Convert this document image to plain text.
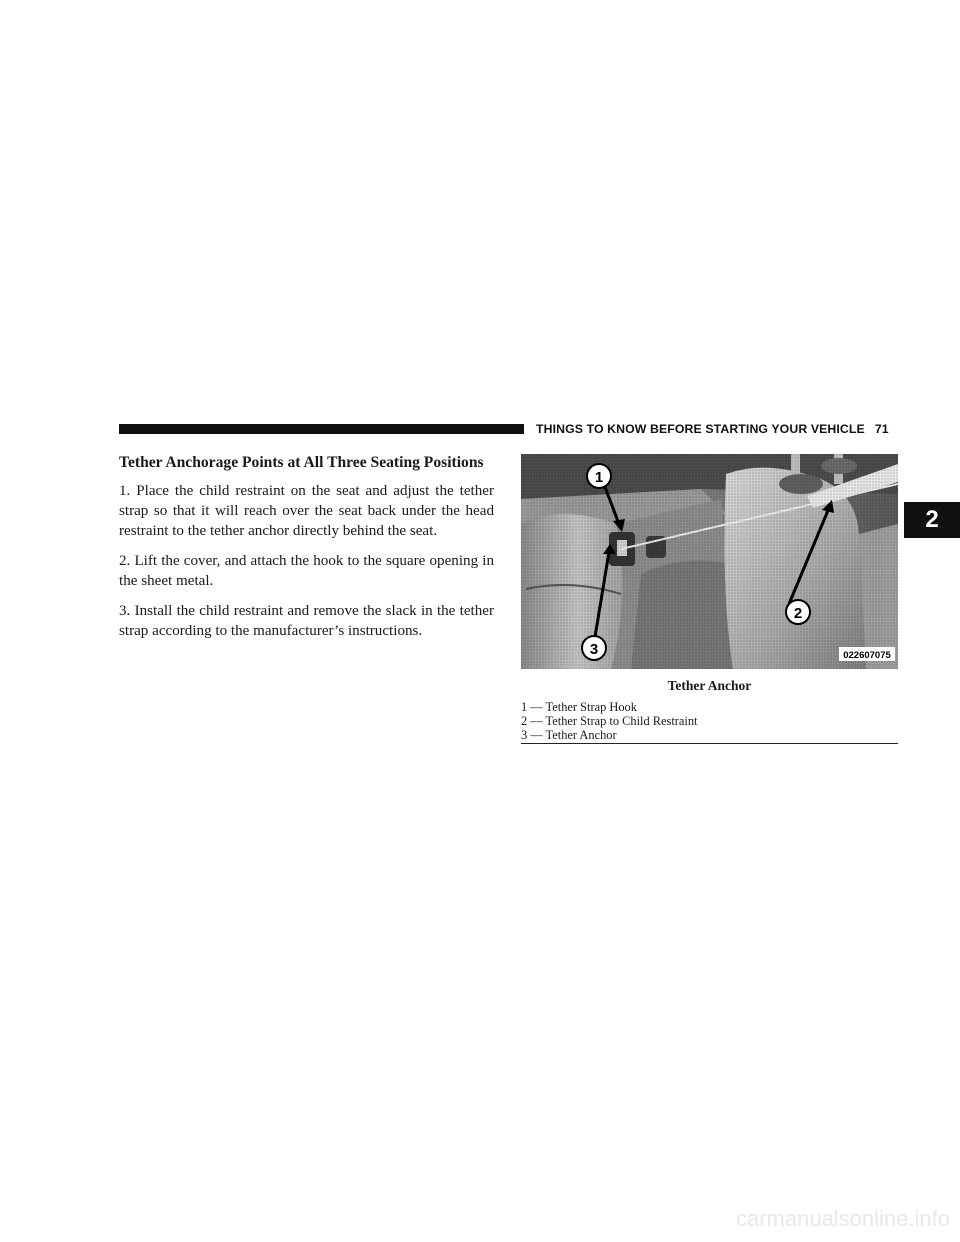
THINGS TO KNOW BEFORE STARTING YOUR VEHICLE 71
2
Tether Anchorage Points at All Three Seating Positions

1. Place the child restraint on the seat and adjust the tether strap so that it will reach over the seat back under the head restraint to the tether anchor directly behind the seat.

2. Lift the cover, and attach the hook to the square opening in the sheet metal.

3. Install the child restraint and remove the slack in the tether strap according to the manufacturer’s instructions.

1
2
3	022607075
Tether Anchor
1 — Tether Strap Hook
2 — Tether Strap to Child Restraint
3 — Tether Anchor
carmanualsonline.info
